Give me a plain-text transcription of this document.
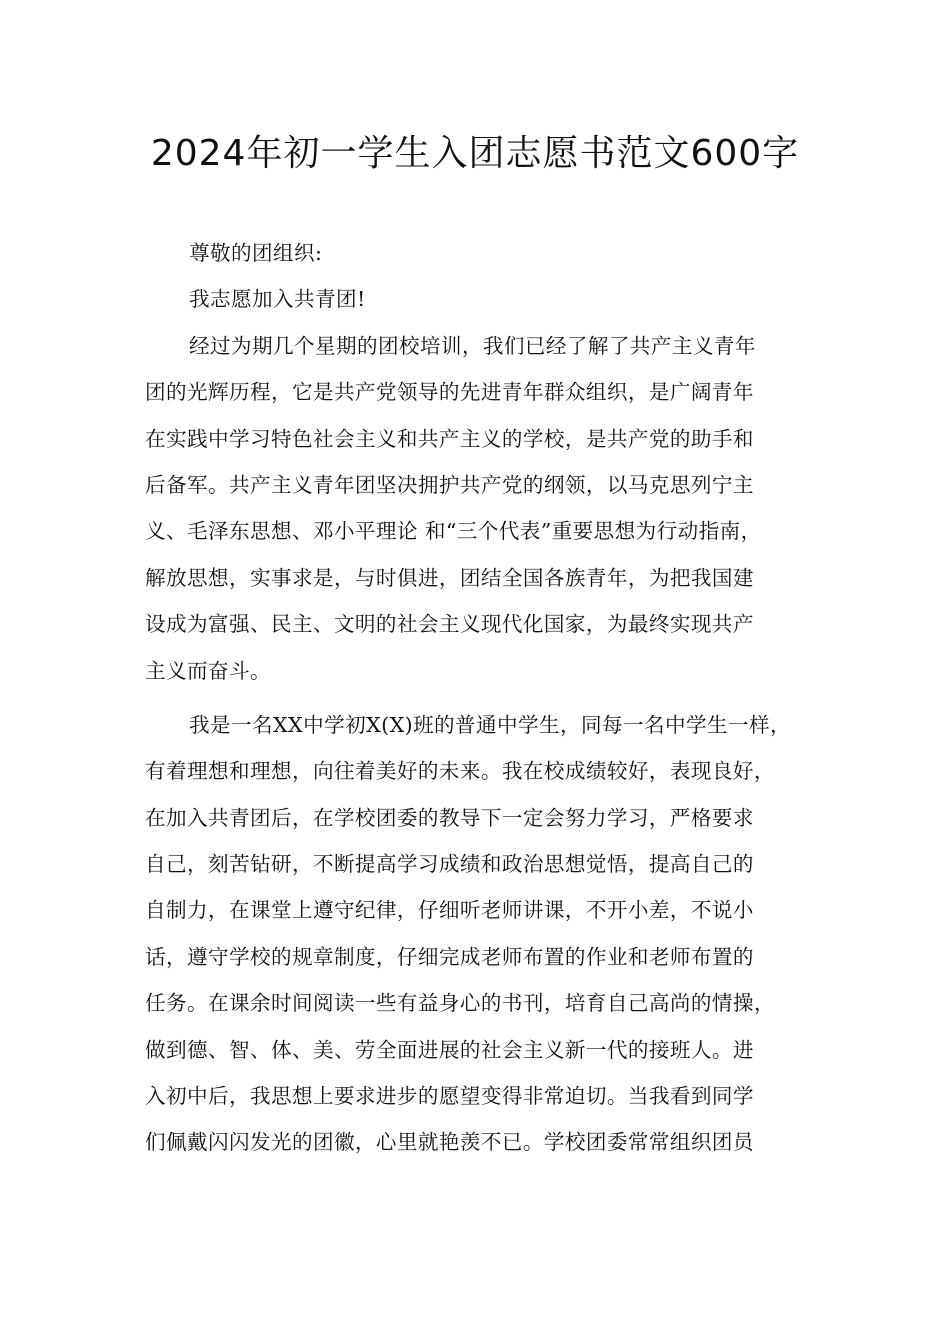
2024年初一学生入团志愿书范文600字
尊敬的团组织:
我志愿加入共青团!
经过为期几个星期的团校培训，我们已经了解了共产主义青年
团的光辉历程，它是共产党领导的先进青年群众组织，是广阔青年
在实践中学习特色社会主义和共产主义的学校，是共产党的助手和
后备军。共产主义青年团坚决拥护共产党的纲领，以马克思列宁主
义、毛泽东思想、邓小平理论 和“三个代表”重要思想为行动指南，
解放思想，实事求是，与时俱进，团结全国各族青年，为把我国建
设成为富强、民主、文明的社会主义现代化国家，为最终实现共产
主义而奋斗。
我是一名XX中学初X(X)班的普通中学生，同每一名中学生一样，
有着理想和理想，向往着美好的未来。我在校成绩较好，表现良好，
在加入共青团后，在学校团委的教导下一定会努力学习，严格要求
自己，刻苦钻研，不断提高学习成绩和政治思想觉悟，提高自己的
自制力，在课堂上遵守纪律，仔细听老师讲课，不开小差，不说小
话，遵守学校的规章制度，仔细完成老师布置的作业和老师布置的
任务。在课余时间阅读一些有益身心的书刊，培育自己高尚的情操，
做到德、智、体、美、劳全面进展的社会主义新一代的接班人。进
入初中后，我思想上要求进步的愿望变得非常迫切。当我看到同学
们佩戴闪闪发光的团徽，心里就艳羡不已。学校团委常常组织团员
